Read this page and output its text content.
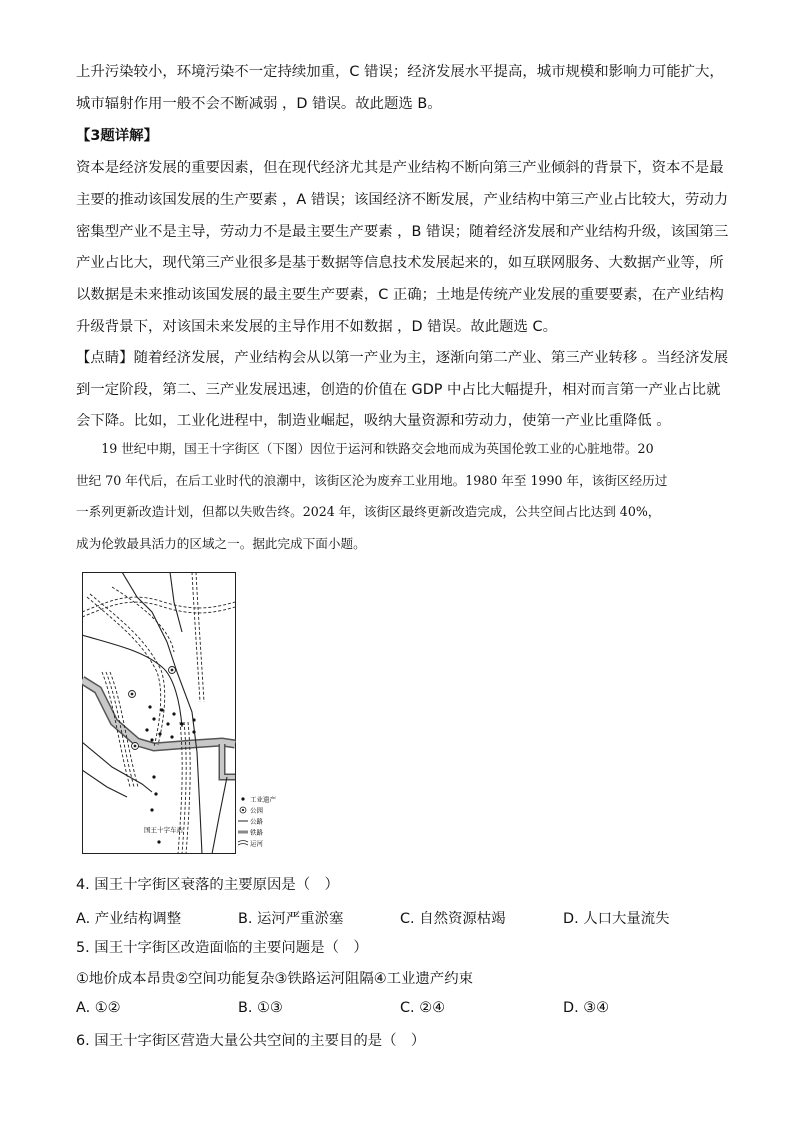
上升污染较小，环境污染不一定持续加重，C 错误；经济发展水平提高，城市规模和影响力可能扩大，
城市辐射作用一般不会不断减弱 ，D 错误。故此题选 B。
【3题详解】
资本是经济发展的重要因素，但在现代经济尤其是产业结构不断向第三产业倾斜的背景下，资本不是最
主要的推动该国发展的生产要素 ，A 错误；该国经济不断发展，产业结构中第三产业占比较大，劳动力
密集型产业不是主导，劳动力不是最主要生产要素 ，B 错误；随着经济发展和产业结构升级，该国第三
产业占比大，现代第三产业很多是基于数据等信息技术发展起来的，如互联网服务、大数据产业等，所
以数据是未来推动该国发展的最主要生产要素，C 正确；土地是传统产业发展的重要要素，在产业结构
升级背景下，对该国未来发展的主导作用不如数据 ，D 错误。故此题选 C。
【点睛】随着经济发展，产业结构会从以第一产业为主，逐渐向第二产业、第三产业转移 。当经济发展
到一定阶段，第二、三产业发展迅速，创造的价值在 GDP 中占比大幅提升，相对而言第一产业占比就
会下降。比如，工业化进程中，制造业崛起，吸纳大量资源和劳动力，使第一产业比重降低 。
　　19 世纪中期，国王十字街区（下图）因位于运河和铁路交会地而成为英国伦敦工业的心脏地带。20
世纪 70 年代后，在后工业时代的浪潮中，该街区沦为废弃工业用地。1980 年至 1990 年，该街区经历过
一系列更新改造计划，但都以失败告终。2024 年，该街区最终更新改造完成，公共空间占比达到 40%，
成为伦敦最具活力的区域之一。据此完成下面小题。
国王十字车站
工业遗产
公园
公路
铁路
运河
4. 国王十字街区衰落的主要原因是（　）
A. 产业结构调整	B. 运河严重淤塞	C. 自然资源枯竭	D. 人口大量流失
5. 国王十字街区改造面临的主要问题是（　）
①地价成本昂贵②空间功能复杂③铁路运河阻隔④工业遗产约束
A. ①②	B. ①③	C. ②④	D. ③④
6. 国王十字街区营造大量公共空间的主要目的是（　）
